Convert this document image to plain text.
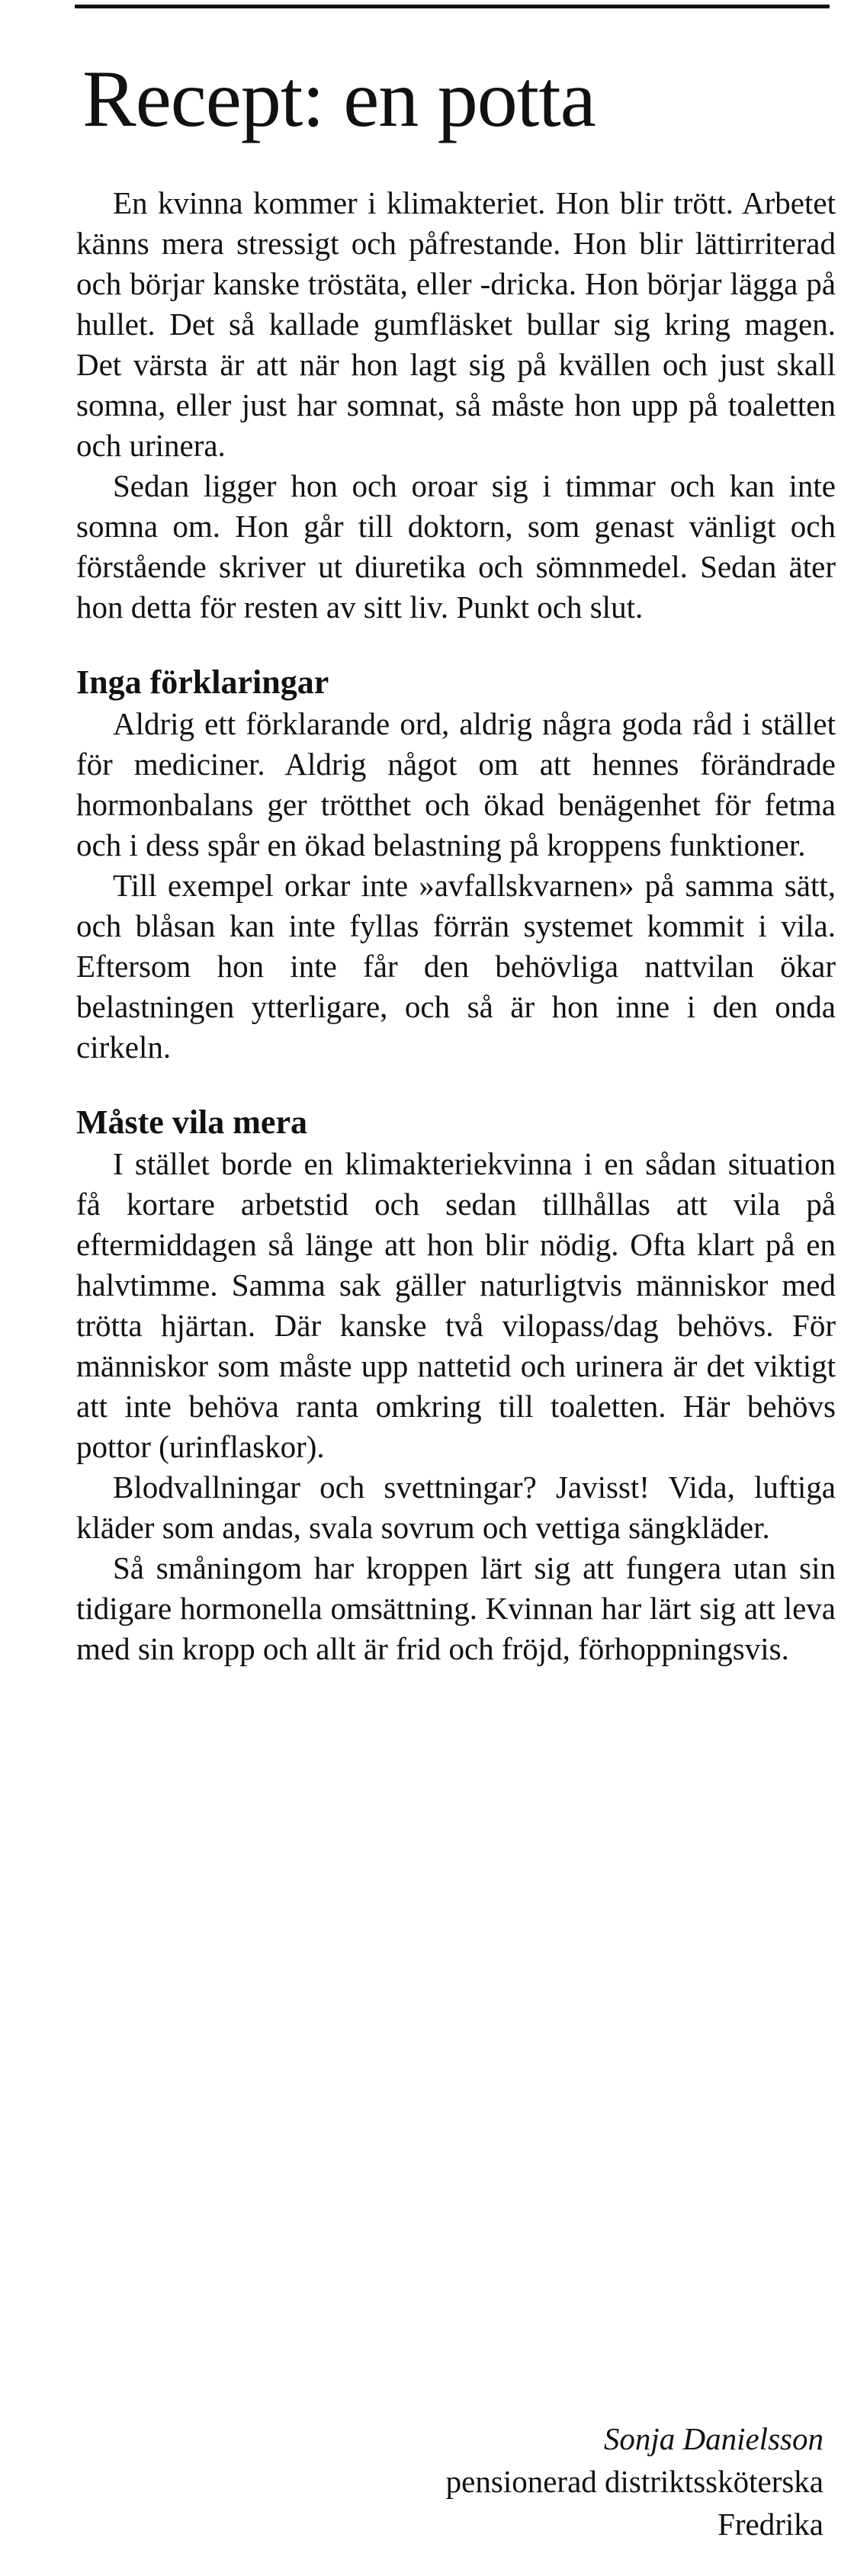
Recept: en potta

En kvinna kommer i klimakteriet. Hon blir trött. Arbetet känns mera stressigt och påfrestande. Hon blir lättirriterad och börjar kanske tröstäta, eller -dricka. Hon börjar lägga på hullet. Det så kallade gumfläsket bullar sig kring magen. Det värsta är att när hon lagt sig på kvällen och just skall somna, eller just har somnat, så måste hon upp på toaletten och urinera.

Sedan ligger hon och oroar sig i timmar och kan inte somna om. Hon går till doktorn, som genast vänligt och förstående skriver ut diuretika och sömnmedel. Sedan äter hon detta för resten av sitt liv. Punkt och slut.

Inga förklaringar

Aldrig ett förklarande ord, aldrig några goda råd i stället för mediciner. Aldrig något om att hennes förändrade hormonbalans ger trötthet och ökad benägenhet för fetma och i dess spår en ökad belastning på kroppens funktioner.

Till exempel orkar inte »avfallskvarnen» på samma sätt, och blåsan kan inte fyllas förrän systemet kommit i vila. Eftersom hon inte får den behövliga nattvilan ökar belastningen ytterligare, och så är hon inne i den onda cirkeln.

Måste vila mera

I stället borde en klimakteriekvinna i en sådan situation få kortare arbetstid och sedan tillhållas att vila på eftermiddagen så länge att hon blir nödig. Ofta klart på en halvtimme. Samma sak gäller naturligtvis människor med trötta hjärtan. Där kanske två vilopass/dag behövs. För människor som måste upp nattetid och urinera är det viktigt att inte behöva ranta omkring till toaletten. Här behövs pottor (urinflaskor).

Blodvallningar och svettningar? Javisst! Vida, luftiga kläder som andas, svala sovrum och vettiga sängkläder.

Så småningom har kroppen lärt sig att fungera utan sin tidigare hormonella omsättning. Kvinnan har lärt sig att leva med sin kropp och allt är frid och fröjd, förhoppningsvis.

Sonja Danielsson
pensionerad distriktssköterska
Fredrika
